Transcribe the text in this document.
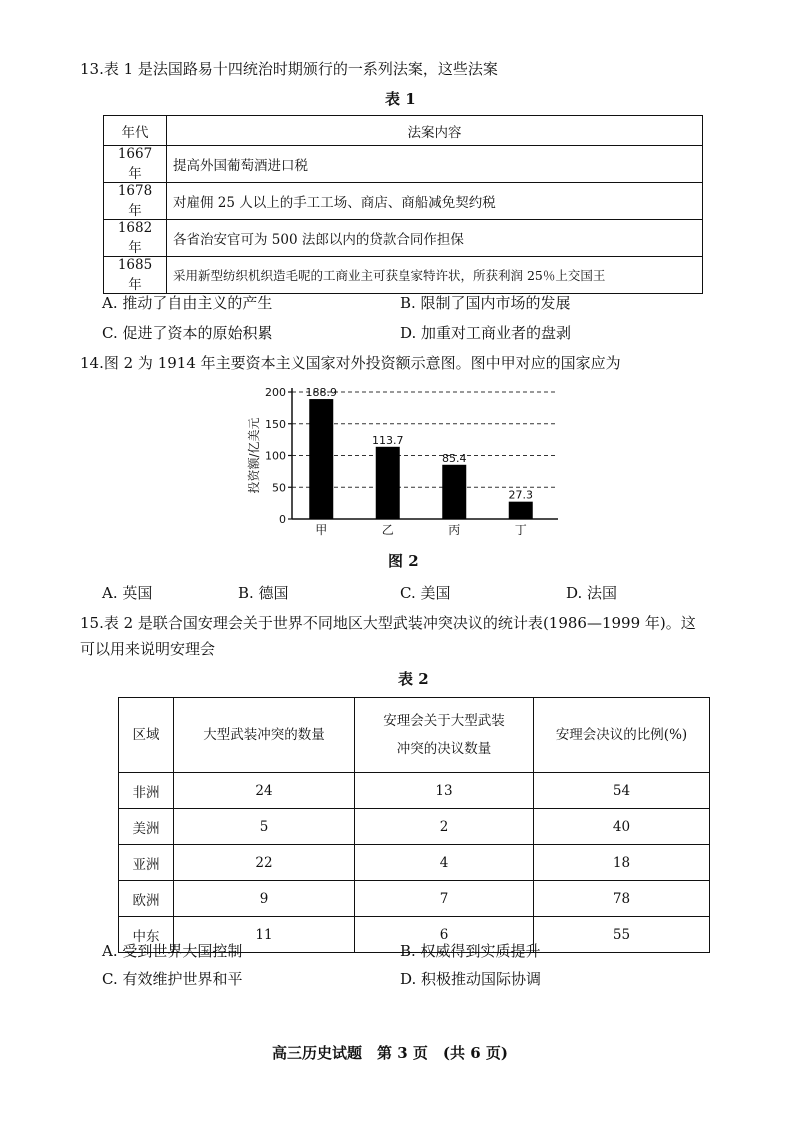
13.表 1 是法国路易十四统治时期颁行的一系列法案，这些法案
表 1
年代	法案内容
1667 年	提高外国葡萄酒进口税
1678 年	对雇佣 25 人以上的手工工场、商店、商船减免契约税
1682 年	各省治安官可为 500 法郎以内的贷款合同作担保
1685 年	采用新型纺织机织造毛呢的工商业主可获皇家特许状，所获利润 25％上交国王
A. 推动了自由主义的产生	B. 限制了国内市场的发展
C. 促进了资本的原始积累	D. 加重对工商业者的盘剥
14.图 2 为 1914 年主要资本主义国家对外投资额示意图。图中甲对应的国家应为
0
50
100
150
200
投资额/亿美元
188.9
甲
113.7
乙
85.4
丙
27.3
丁
图 2
A. 英国	B. 德国	C. 美国	D. 法国
15.表 2 是联合国安理会关于世界不同地区大型武装冲突决议的统计表(1986—1999 年)。这
可以用来说明安理会
表 2
区域	大型武装冲突的数量	安理会关于大型武装
冲突的决议数量	安理会决议的比例(%)
非洲	24	13	54
美洲	5	2	40
亚洲	22	4	18
欧洲	9	7	78
中东	11	6	55
A. 受到世界大国控制	B. 权威得到实质提升
C. 有效维护世界和平	D. 积极推动国际协调
高三历史试题　第 3 页　(共 6 页)
